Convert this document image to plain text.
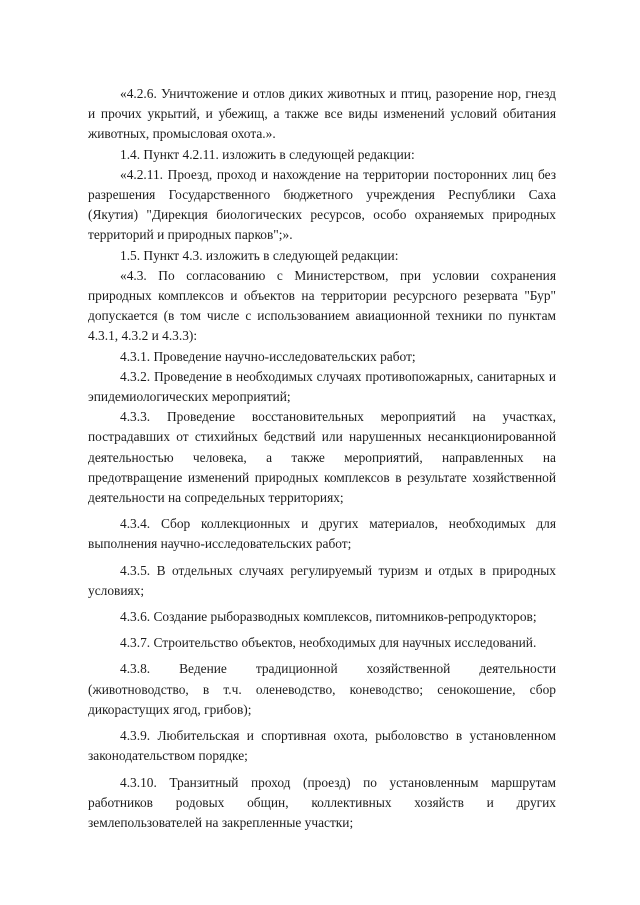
«4.2.6. Уничтожение и отлов диких животных и птиц, разорение нор, гнезд и прочих укрытий, и убежищ, а также все виды изменений условий обитания животных, промысловая охота.».

1.4. Пункт 4.2.11. изложить в следующей редакции:

«4.2.11. Проезд, проход и нахождение на территории посторонних лиц без разрешения Государственного бюджетного учреждения Республики Саха (Якутия) "Дирекция биологических ресурсов, особо охраняемых природных территорий и природных парков";».

1.5. Пункт 4.3. изложить в следующей редакции:

«4.3. По согласованию с Министерством, при условии сохранения природных комплексов и объектов на территории ресурсного резервата "Бур" допускается (в том числе с использованием авиационной техники по пунктам 4.3.1, 4.3.2 и 4.3.3):

4.3.1. Проведение научно-исследовательских работ;

4.3.2. Проведение в необходимых случаях противопожарных, санитарных и эпидемиологических мероприятий;

4.3.3. Проведение восстановительных мероприятий на участках, пострадавших от стихийных бедствий или нарушенных несанкционированной деятельностью человека, а также мероприятий, направленных на предотвращение изменений природных комплексов в результате хозяйственной деятельности на сопредельных территориях;

4.3.4. Сбор коллекционных и других материалов, необходимых для выполнения научно-исследовательских работ;

4.3.5. В отдельных случаях регулируемый туризм и отдых в природных условиях;

4.3.6. Создание рыборазводных комплексов, питомников-репродукторов;

4.3.7. Строительство объектов, необходимых для научных исследований.

4.3.8. Ведение традиционной хозяйственной деятельности (животноводство, в т.ч. оленеводство, коневодство; сенокошение, сбор дикорастущих ягод, грибов);

4.3.9. Любительская и спортивная охота, рыболовство в установленном законодательством порядке;

4.3.10. Транзитный проход (проезд) по установленным маршрутам работников родовых общин, коллективных хозяйств и других землепользователей на закрепленные участки;
